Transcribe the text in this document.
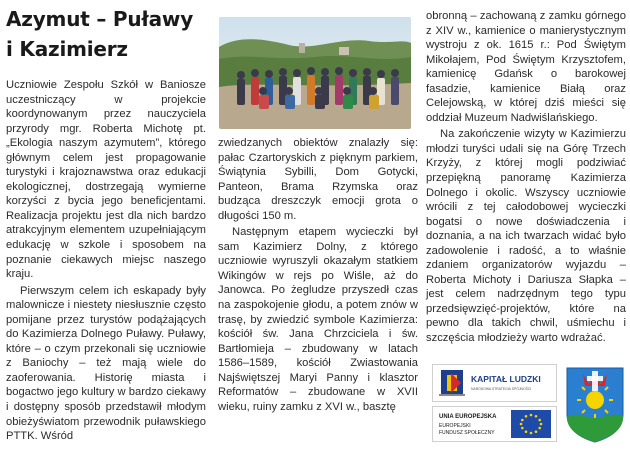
Azymut – Puławy
i Kazimierz

Uczniowie Zespołu Szkół w Baniosze uczestniczący w projekcie koordynowanym przez nauczyciela przyrody mgr. Roberta Michotę pt. „Ekologia naszym azymutem”, którego głównym celem jest propagowanie turystyki i krajoznawstwa oraz edukacji ekologicznej, dostrzegają wymierne korzyści z bycia jego beneficjentami. Realizacja projektu jest dla nich bardzo atrakcyjnym elementem uzupełniającym edukację w szkole i sposobem na poznanie ciekawych miejsc naszego kraju.

Pierwszym celem ich eskapady były malownicze i niestety niesłusznie często pomijane przez turystów podążających do Kazimierza Dolnego Puławy. Puławy, które – o czym przekonali się uczniowie z Baniochy – też mają wiele do zaoferowania. Historię miasta i bogactwo jego kultury w bardzo ciekawy i dostępny sposób przedstawił młodym obieżyświatom przewodnik puławskiego PTTK. Wśród

zwiedzanych obiektów znalazły się: pałac Czartoryskich z pięknym parkiem, Świątynia Sybilli, Dom Gotycki, Panteon, Brama Rzymska oraz budząca dreszczyk emocji grota o długości 150 m.

Następnym etapem wycieczki był sam Kazimierz Dolny, z którego uczniowie wyruszyli okazałym statkiem Wikingów w rejs po Wiśle, aż do Janowca. Po żegludze przyszedł czas na zaspokojenie głodu, a potem znów w trasę, by zwiedzić symbole Kazimierza: kościół św. Jana Chrzciciela i św. Bartłomieja – zbudowany w latach 1586–1589, kościół Zwiastowania Najświętszej Maryi Panny i klasztor Reformatów – zbudowane w XVII wieku, ruiny zamku z XVI w., basztę

obronną – zachowaną z zamku górnego z XIV w., kamienice o manierystycznym wystroju z ok. 1615 r.: Pod Świętym Mikołajem, Pod Świętym Krzysztofem, kamienicę Gdańsk o barokowej fasadzie, kamienice Białą oraz Celejowską, w której dziś mieści się oddział Muzeum Nadwiślańskiego.

Na zakończenie wizyty w Kazimierzu młodzi turyści udali się na Górę Trzech Krzyży, z której mogli podziwiać przepiękną panoramę Kazimierza Dolnego i okolic. Wszyscy uczniowie wrócili z tej całodobowej wycieczki bogatsi o nowe doświadczenia i doznania, a na ich twarzach widać było zadowolenie i radość, a to właśnie zdaniem organizatorów wyjazdu – Roberta Michoty i Dariusza Słapka – jest celem nadrzędnym tego typu przedsięwzięć-projektów, które na pewno dla takich chwil, uśmiechu i szczęścia młodzieży warto wdrażać.

KAPITAŁ LUDZKI
NARODOWA STRATEGIA SPÓJNOŚCI
UNIA EUROPEJSKA
EUROPEJSKI
FUNDUSZ SPOŁECZNY
